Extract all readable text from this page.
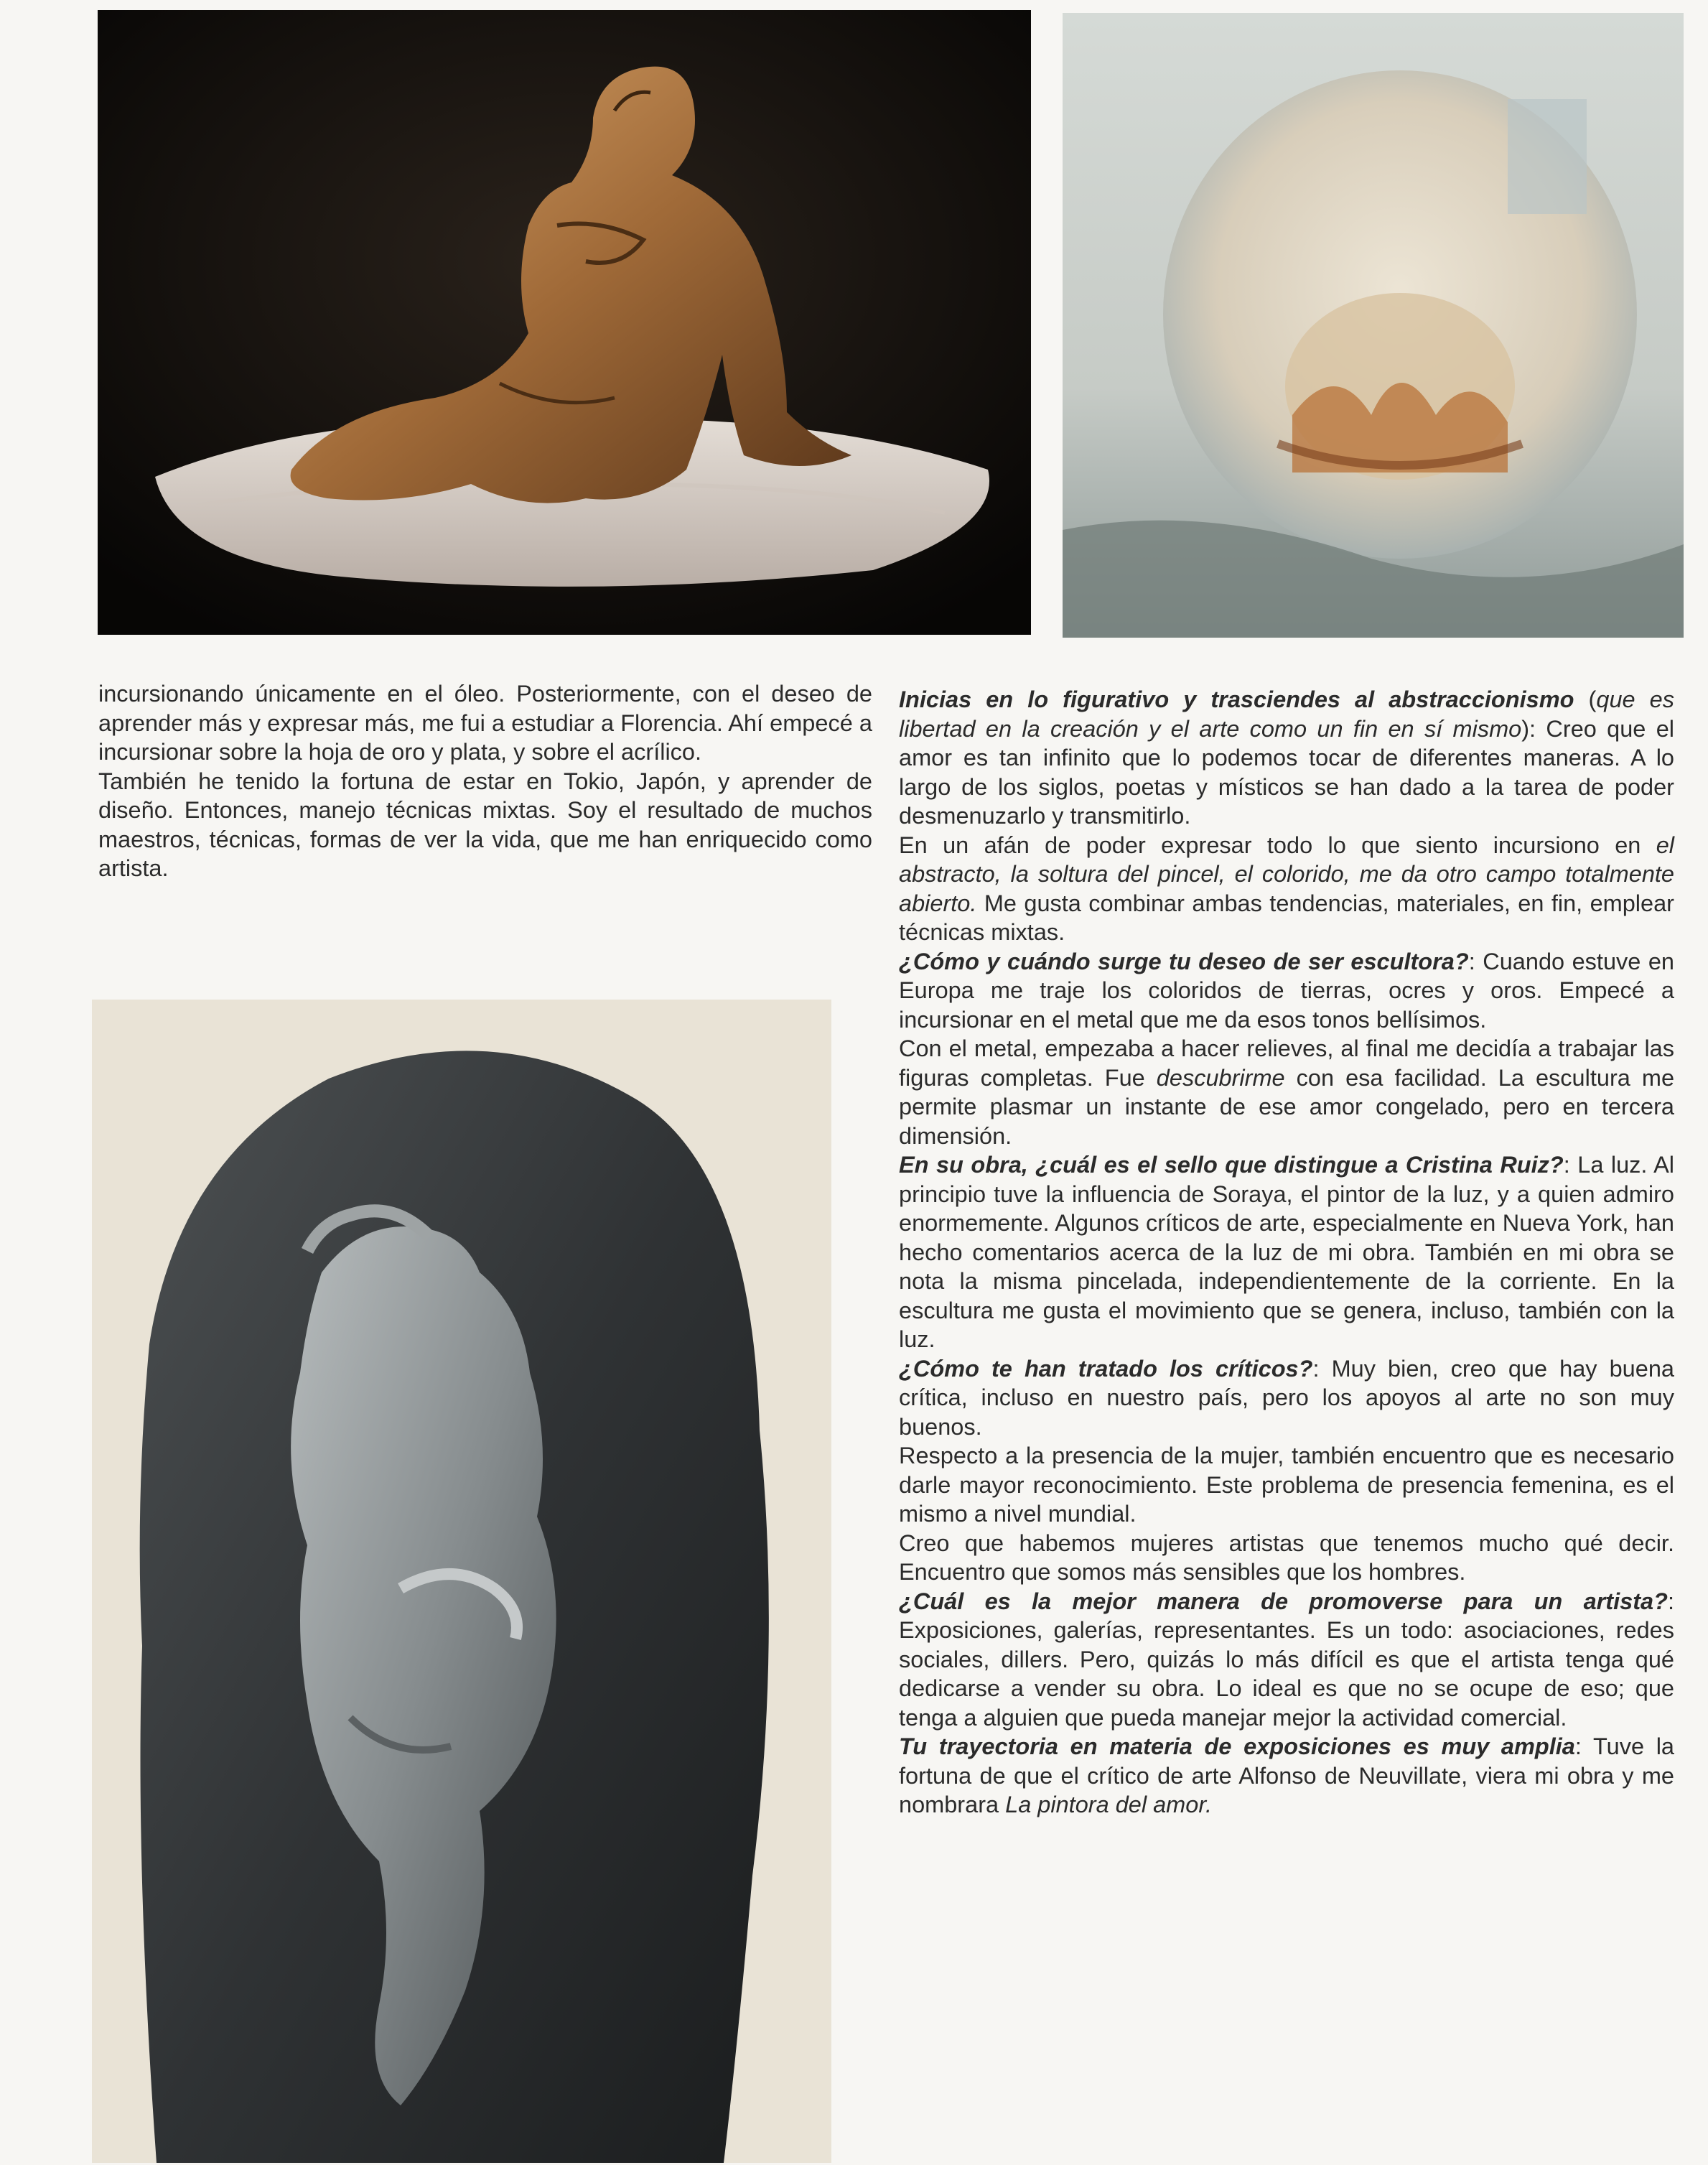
incursionando únicamente en el óleo. Posteriormente, con el deseo de aprender más y expresar más, me fui a estudiar a Florencia. Ahí empecé a incursionar sobre la hoja de oro y plata, y sobre el acrílico.

También he tenido la fortuna de estar en Tokio, Japón, y aprender de diseño. Entonces, manejo técnicas mixtas. Soy el resultado de muchos maestros, técnicas, formas de ver la vida, que me han enriquecido como artista.

Inicias en lo figurativo y trasciendes al abstraccionismo (que es libertad en la creación y el arte como un fin en sí mismo): Creo que el amor es tan infinito que lo podemos tocar de diferentes maneras. A lo largo de los siglos, poetas y místicos se han dado a la tarea de poder desmenuzarlo y transmitirlo.

En un afán de poder expresar todo lo que siento incursiono en el abstracto, la soltura del pincel, el colorido, me da otro campo totalmente abierto. Me gusta combinar ambas tendencias, materiales, en fin, emplear técnicas mixtas.

¿Cómo y cuándo surge tu deseo de ser escultora?: Cuando estuve en Europa me traje los coloridos de tierras, ocres y oros. Empecé a incursionar en el metal que me da esos tonos bellísimos.

Con el metal, empezaba a hacer relieves, al final me decidía a trabajar las figuras completas. Fue descubrirme con esa facilidad. La escultura me permite plasmar un instante de ese amor congelado, pero en tercera dimensión.

En su obra, ¿cuál es el sello que distingue a Cristina Ruiz?: La luz. Al principio tuve la influencia de Soraya, el pintor de la luz, y a quien admiro enormemente. Algunos críticos de arte, especialmente en Nueva York, han hecho comentarios acerca de la luz de mi obra. También en mi obra se nota la misma pincelada, independientemente de la corriente. En la escultura me gusta el movimiento que se genera, incluso, también con la luz.

¿Cómo te han tratado los críticos?: Muy bien, creo que hay buena crítica, incluso en nuestro país, pero los apoyos al arte no son muy buenos.

Respecto a la presencia de la mujer, también encuentro que es necesario darle mayor reconocimiento. Este problema de presencia femenina, es el mismo a nivel mundial.

Creo que habemos mujeres artistas que tenemos mucho qué decir. Encuentro que somos más sensibles que los hombres.

¿Cuál es la mejor manera de promoverse para un artista?: Exposiciones, galerías, representantes. Es un todo: asociaciones, redes sociales, dillers. Pero, quizás lo más difícil es que el artista tenga qué dedicarse a vender su obra. Lo ideal es que no se ocupe de eso; que tenga a alguien que pueda manejar mejor la actividad comercial.

Tu trayectoria en materia de exposiciones es muy amplia: Tuve la fortuna de que el crítico de arte Alfonso de Neuvillate, viera mi obra y me nombrara La pintora del amor.
